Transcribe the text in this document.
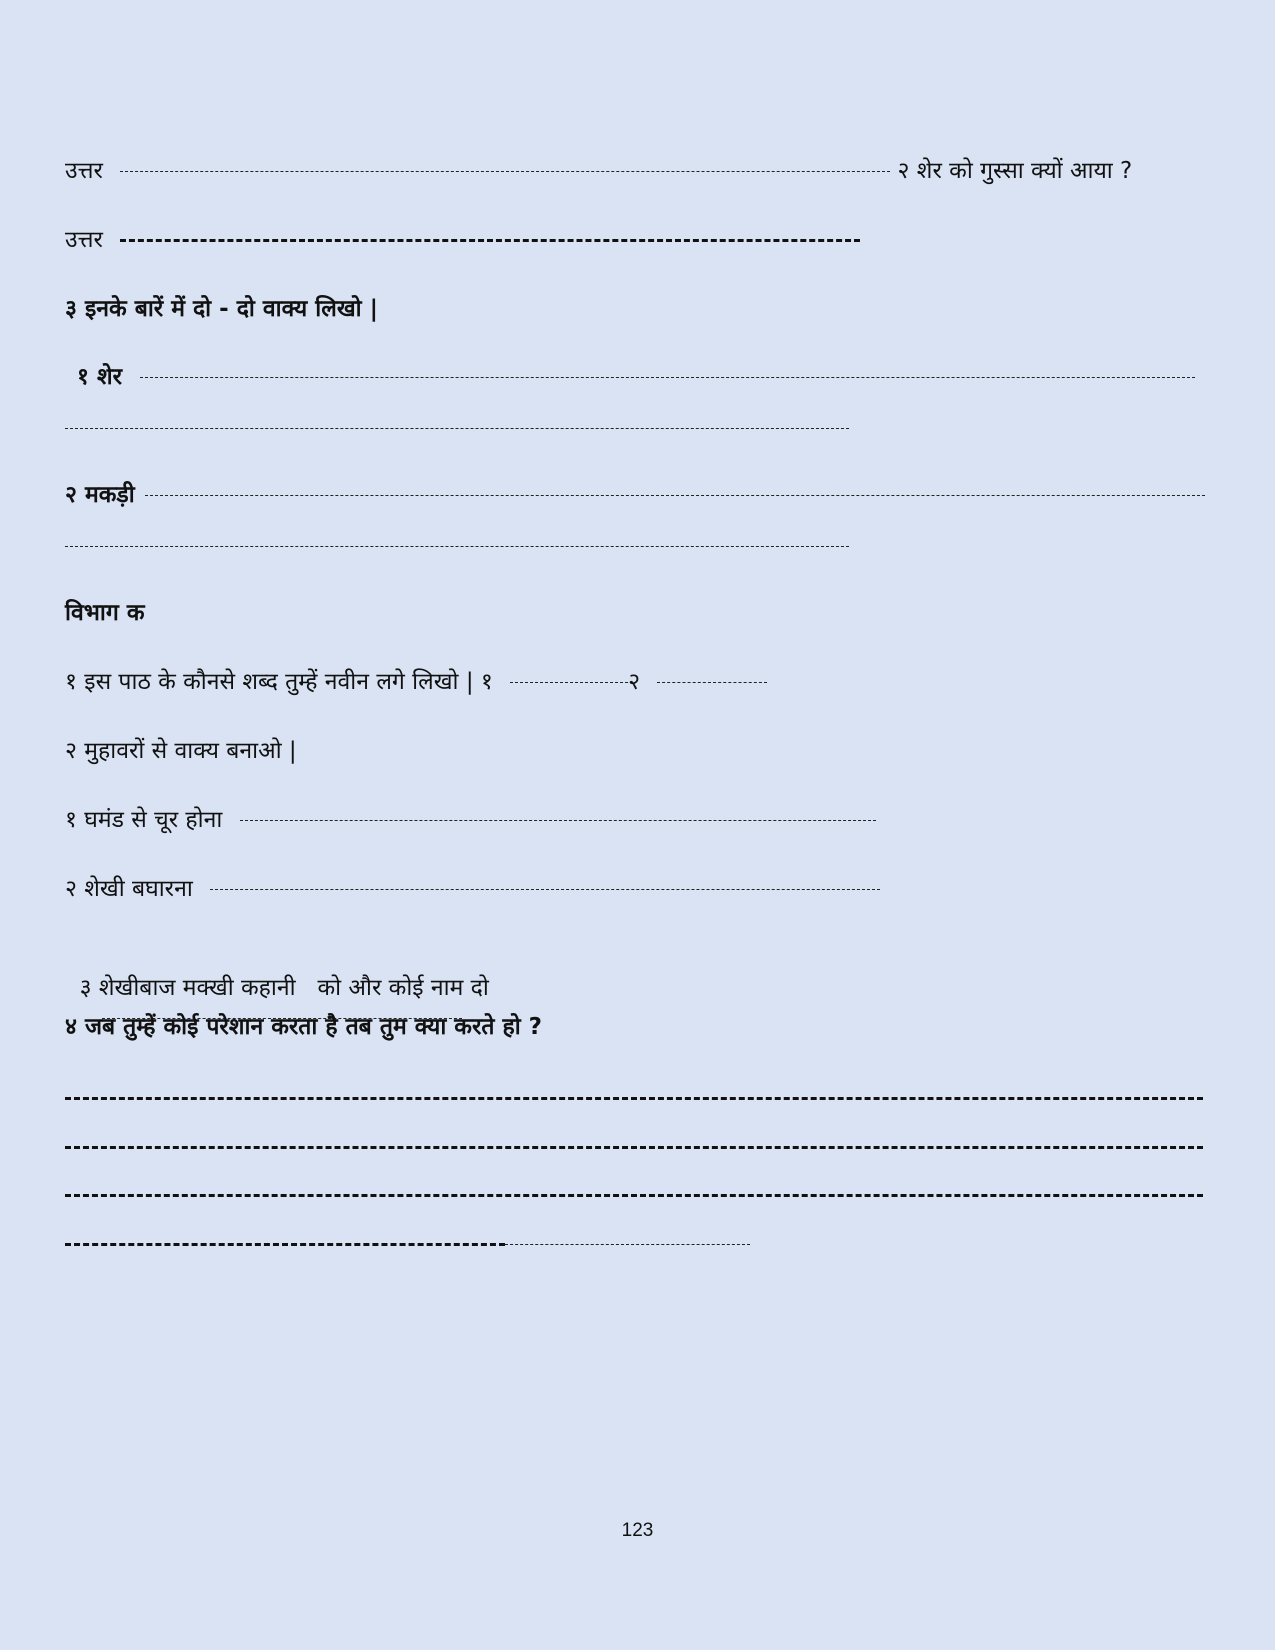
उत्तर	२ शेर को गुस्सा क्यों आया ?
उत्तर
३ इनके बारें में दो - दो वाक्य लिखो |
१ शेर
२ मकड़ी
विभाग क
१ इस पाठ के कौनसे शब्द तुम्हें नवीन लगे लिखो | १	२
२ मुहावरों से वाक्य बनाओ |
१ घमंड से चूर होना
२ शेखी बघारना

३ शेखीबाज मक्खी कहानी   को और कोई नाम दो

४ जब तुम्हें कोई परेशान करता है तब तुम क्या करते हो ?
123
